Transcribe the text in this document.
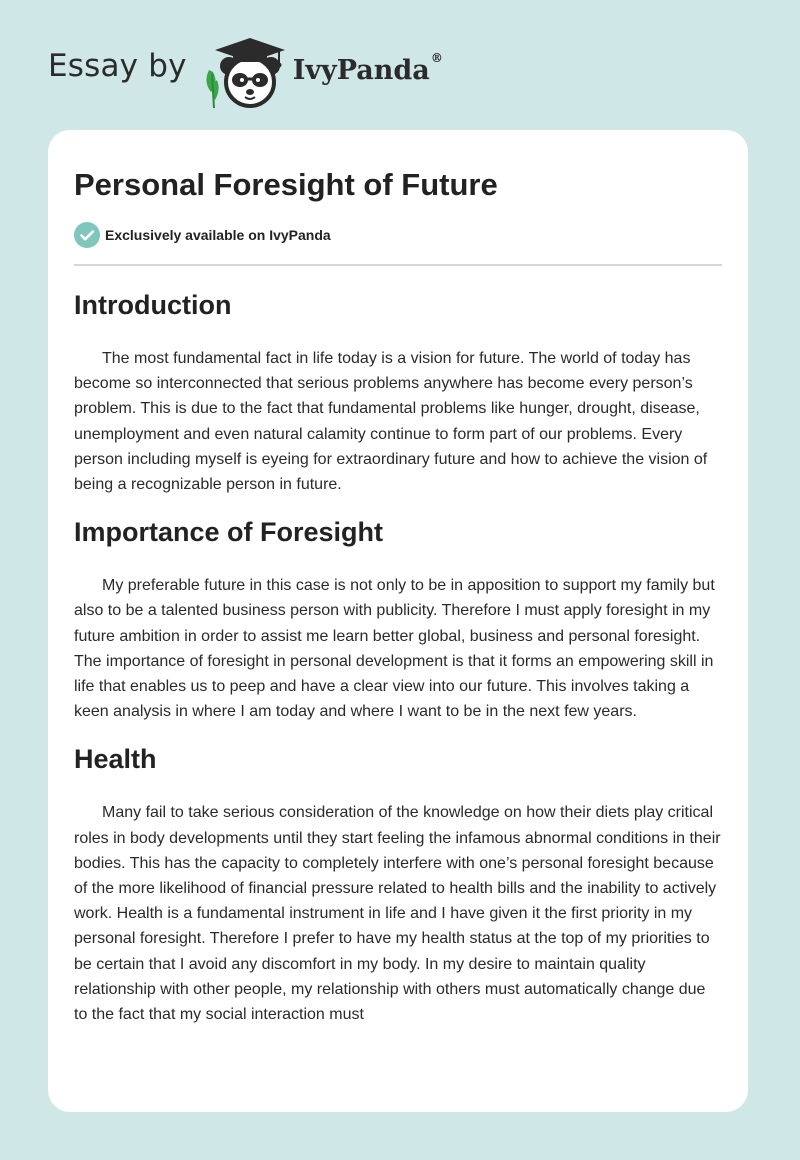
Essay by	IvyPanda®
Personal Foresight of Future
Exclusively available on IvyPanda
Introduction

The most fundamental fact in life today is a vision for future. The world of today has become so interconnected that serious problems anywhere has become every person’s problem. This is due to the fact that fundamental problems like hunger, drought, disease, unemployment and even natural calamity continue to form part of our problems. Every person including myself is eyeing for extraordinary future and how to achieve the vision of being a recognizable person in future.

Importance of Foresight

My preferable future in this case is not only to be in apposition to support my family but also to be a talented business person with publicity. Therefore I must apply foresight in my future ambition in order to assist me learn better global, business and personal foresight. The importance of foresight in personal development is that it forms an empowering skill in life that enables us to peep and have a clear view into our future. This involves taking a keen analysis in where I am today and where I want to be in the next few years.

Health

Many fail to take serious consideration of the knowledge on how their diets play critical roles in body developments until they start feeling the infamous abnormal conditions in their bodies. This has the capacity to completely interfere with one’s personal foresight because of the more likelihood of financial pressure related to health bills and the inability to actively work. Health is a fundamental instrument in life and I have given it the first priority in my personal foresight. Therefore I prefer to have my health status at the top of my priorities to be certain that I avoid any discomfort in my body. In my desire to maintain quality relationship with other people, my relationship with others must automatically change due to the fact that my social interaction must
